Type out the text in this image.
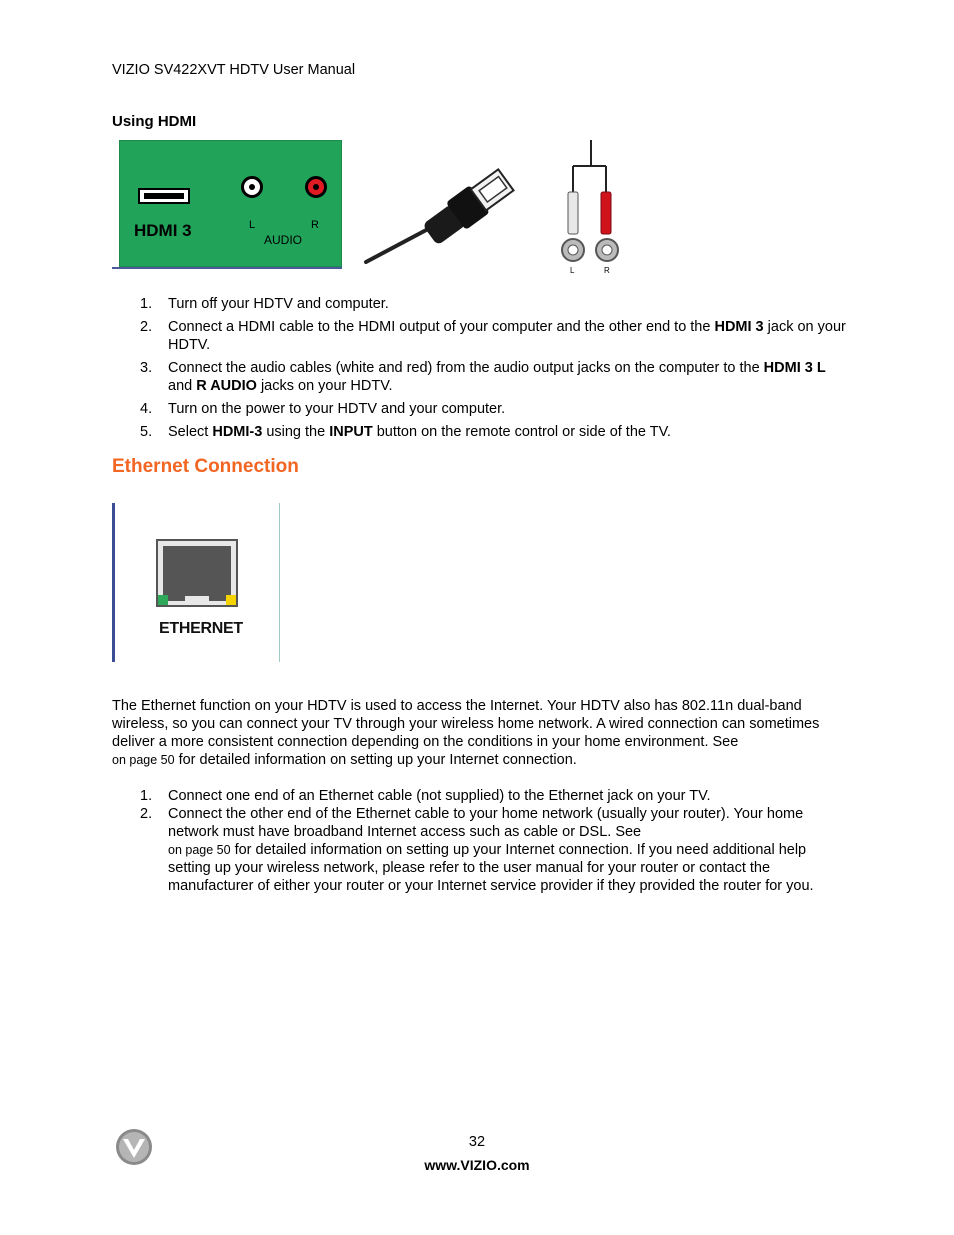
VIZIO SV422XVT HDTV User Manual
Using HDMI
HDMI 3	L	R
AUDIO
L	R
1. Turn off your HDTV and computer.
2. Connect a HDMI cable to the HDMI output of your computer and the other end to the HDMI 3 jack on your HDTV.
3. Connect the audio cables (white and red) from the audio output jacks on the computer to the HDMI 3 L and R AUDIO jacks on your HDTV.
4. Turn on the power to your HDTV and your computer.
5. Select HDMI-3 using the INPUT button on the remote control or side of the TV.
Ethernet Connection
ETHERNET
The Ethernet function on your HDTV is used to access the Internet. Your HDTV also has 802.11n dual-band wireless, so you can connect your TV through your wireless home network. A wired connection can sometimes deliver a more consistent connection depending on the conditions in your home environment. Seeon page 50 for detailed information on setting up your Internet connection.
1. Connect one end of an Ethernet cable (not supplied) to the Ethernet jack on your TV.
2. Connect the other end of the Ethernet cable to your home network (usually your router). Your home network must have broadband Internet access such as cable or DSL. See
on page 50 for detailed information on setting up your Internet connection. If you need additional help setting up your wireless network, please refer to the user manual for your router or contact the manufacturer of either your router or your Internet service provider if they provided the router for you.
32
www.VIZIO.com
